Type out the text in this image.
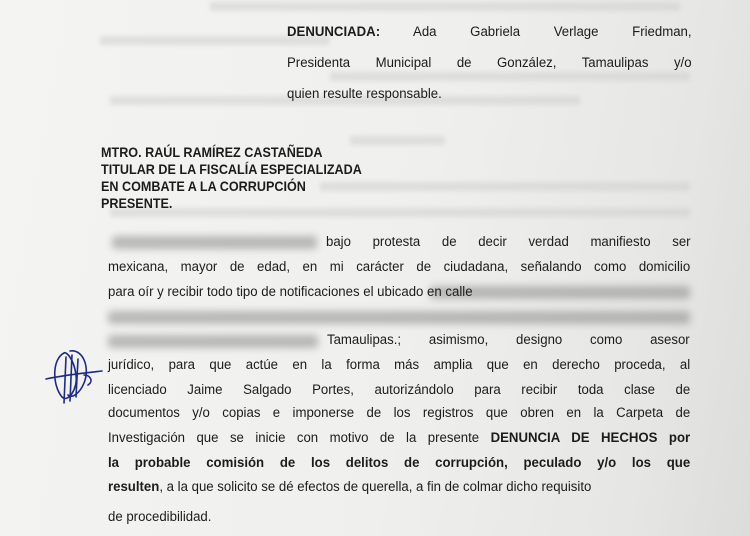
DENUNCIADA: Ada Gabriela Verlage Friedman,
Presidenta Municipal de González, Tamaulipas y/o
quien resulte responsable.
MTRO. RAÚL RAMÍREZ CASTAÑEDA
TITULAR DE LA FISCALÍA ESPECIALIZADA
EN COMBATE A LA CORRUPCIÓN
PRESENTE.
bajo protesta de decir verdad manifiesto ser
mexicana, mayor de edad, en mi carácter de ciudadana, señalando como domicilio
para oír y recibir todo tipo de notificaciones el ubicado en calle
Tamaulipas.; asimismo, designo como asesor
jurídico, para que actúe en la forma más amplia que en derecho proceda, al
licenciado Jaime Salgado Portes, autorizándolo para recibir toda clase de
documentos y/o copias e imponerse de los registros que obren en la Carpeta de
Investigación que se inicie con motivo de la presente DENUNCIA DE HECHOS por
la probable comisión de los delitos de corrupción, peculado y/o los que
resulten, a la que solicito se dé efectos de querella, a fin de colmar dicho requisito
de procedibilidad.
